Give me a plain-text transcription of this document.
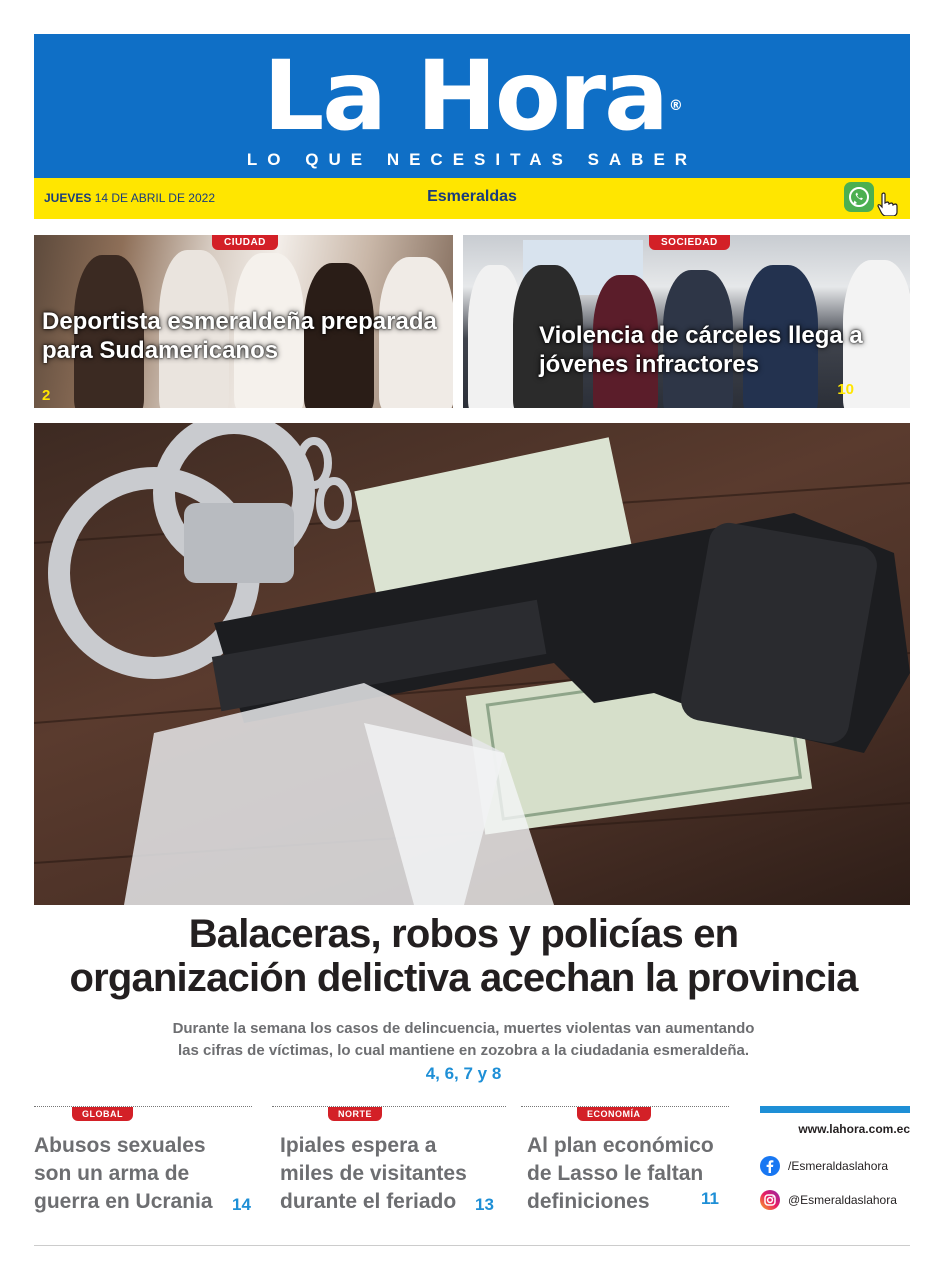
La Hora ®
LO QUE NECESITAS SABER
JUEVES 14 DE ABRIL DE 2022	Esmeraldas
CIUDAD
Deportista esmeraldeña preparada para Sudamericanos
2
SOCIEDAD
Violencia de cárceles llega a jóvenes infractores
10
Balaceras, robos y policías en
organización delictiva acechan la provincia
Durante la semana los casos de delincuencia, muertes violentas van aumentando
las cifras de víctimas, lo cual mantiene en zozobra a la ciudadania esmeraldeña.
4, 6, 7 y 8
GLOBAL
Abusos sexuales
son un arma de
guerra en Ucrania 14
NORTE
Ipiales espera a
miles de visitantes
durante el feriado	13
ECONOMÍA
Al plan económico
de Lasso le faltan
definiciones	11
www.lahora.com.ec
/Esmeraldaslahora
@Esmeraldaslahora
